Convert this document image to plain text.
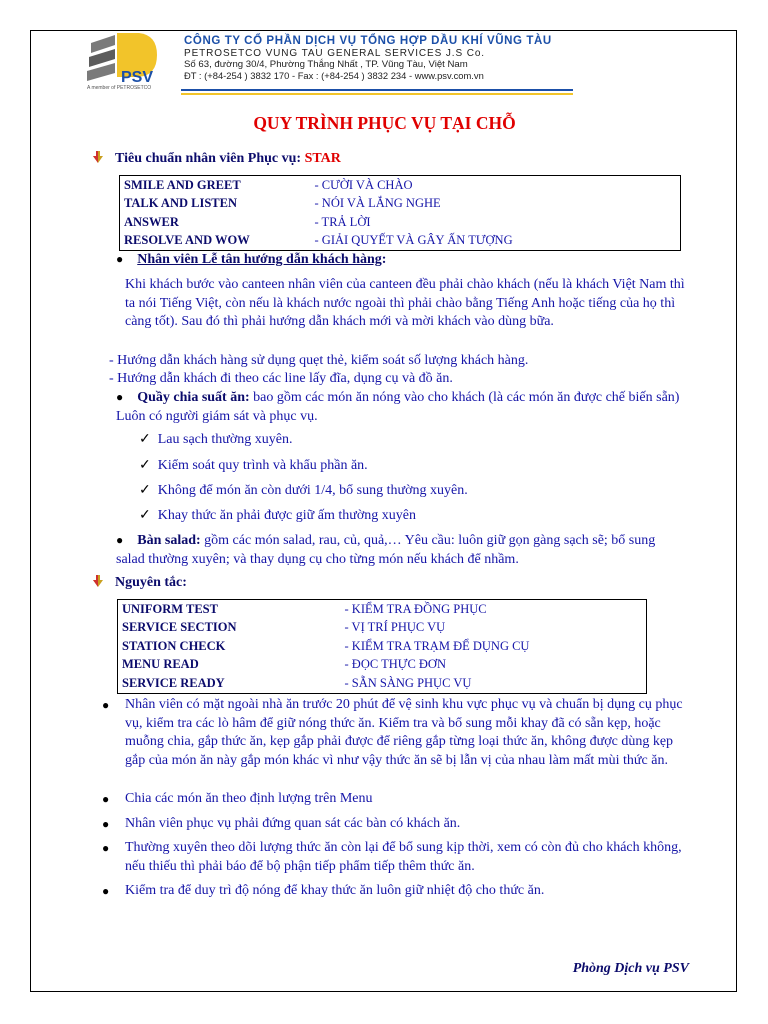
PSV
A member of PETROSETCO
CÔNG TY CỔ PHẦN DỊCH VỤ TỔNG HỢP DẦU KHÍ VŨNG TÀU
PETROSETCO VUNG TAU GENERAL SERVICES J.S Co.
Số 63, đường 30/4, Phường Thắng Nhất , TP. Vũng Tàu, Việt Nam
ĐT : (+84-254 ) 3832 170 - Fax : (+84-254 ) 3832 234 - www.psv.com.vn
QUY TRÌNH PHỤC VỤ TẠI CHỖ
Tiêu chuẩn nhân viên Phục vụ: STAR
SMILE AND GREET	- CƯỜI VÀ CHÀO
TALK AND LISTEN	- NÓI VÀ LẮNG NGHE
ANSWER	- TRẢ LỜI
RESOLVE AND WOW	- GIẢI QUYẾT VÀ GÂY ẤN TƯỢNG
● Nhân viên Lễ tân hướng dẫn khách hàng:
Khi khách bước vào canteen nhân viên của canteen đều phải chào khách (nếu là khách Việt Nam thì ta nói Tiếng Việt, còn nếu là khách nước ngoài thì phải chào bằng Tiếng Anh hoặc tiếng của họ thì càng tốt). Sau đó thì phải hướng dẫn khách mới và mời khách vào dùng bữa.
- Hướng dẫn khách hàng sử dụng quẹt thẻ, kiểm soát số lượng khách hàng.
- Hướng dẫn khách đi theo các line lấy đĩa, dụng cụ và đồ ăn.
● Quầy chia suất ăn: bao gồm các món ăn nóng vào cho khách (là các món ăn được chế biến sẵn) Luôn có người giám sát và phục vụ.
✓ Lau sạch thường xuyên.
✓ Kiểm soát quy trình và khẩu phần ăn.
✓ Không để món ăn còn dưới 1/4, bổ sung thường xuyên.
✓ Khay thức ăn phải được giữ ấm thường xuyên
● Bàn salad: gồm các món salad, rau, củ, quả,… Yêu cầu: luôn giữ gọn gàng sạch sẽ; bổ sung salad thường xuyên; và thay dụng cụ cho từng món nếu khách để nhầm.
Nguyên tắc:
UNIFORM TEST	- KIỂM TRA ĐỒNG PHỤC
SERVICE SECTION	- VỊ TRÍ PHỤC VỤ
STATION CHECK	- KIỂM TRA TRẠM ĐỂ DỤNG CỤ
MENU READ	- ĐỌC THỰC ĐƠN
SERVICE READY	- SẴN SÀNG PHỤC VỤ
● Nhân viên có mặt ngoài nhà ăn trước 20 phút để vệ sinh khu vực phục vụ và chuẩn bị dụng cụ phục vụ, kiểm tra các lò hâm để giữ nóng thức ăn. Kiểm tra và bổ sung mỗi khay đã có sẵn kẹp, hoặc muỗng chia, gắp thức ăn, kẹp gắp phải được để riêng gắp từng loại thức ăn, không được dùng kẹp gắp của món ăn này gắp món khác vì như vậy thức ăn sẽ bị lẫn vị của nhau làm mất mùi thức ăn.
● Chia các món ăn theo định lượng trên Menu
● Nhân viên phục vụ phải đứng quan sát các bàn có khách ăn.
● Thường xuyên theo dõi lượng thức ăn còn lại để bổ sung kịp thời, xem có còn đủ cho khách không, nếu thiếu thì phải báo để bộ phận tiếp phẩm tiếp thêm thức ăn.
● Kiểm tra để duy trì độ nóng để khay thức ăn luôn giữ nhiệt độ cho thức ăn.
Phòng Dịch vụ PSV
